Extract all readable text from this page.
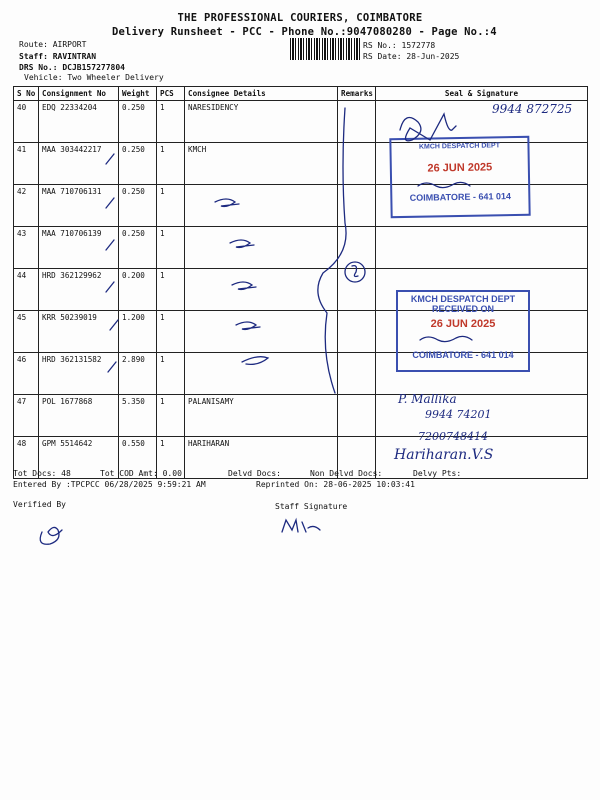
THE PROFESSIONAL COURIERS, COIMBATORE
Delivery Runsheet - PCC - Phone No.:9047080280 - Page No.:4
Route: AIRPORT
Staff: RAVINTRAN
DRS No.: DCJB157277804
Vehicle: Two Wheeler Delivery
RS No.: 1572778
RS Date: 28-Jun-2025
S No	Consignment No	Weight	PCS	Consignee Details	Remarks	Seal & Signature
40	EDQ 22334204	0.250	1	NARESIDENCY		
41	MAA 303442217	0.250	1	KMCH		
42	MAA 710706131	0.250	1			
43	MAA 710706139	0.250	1			
44	HRD 362129962	0.200	1			
45	KRR 50239019	1.200	1			
46	HRD 362131582	2.890	1			
47	POL 1677868	5.350	1	PALANISAMY		
48	GPM 5514642	0.550	1	HARIHARAN		
KMCH DESPATCH DEPT
26 JUN 2025
COIMBATORE - 641 014
KMCH DESPATCH DEPT
RECEIVED ON
26 JUN 2025
COIMBATORE - 641 014
9944 872725
P. Mallika
9944 74201
7200748414
Hariharan.V.S
Tot Docs: 48	Tot COD Amt: 0.00	Delvd Docs:	Non Delvd Docs:	Delvy Pts:
Entered By :TPCPCC 06/28/2025 9:59:21 AM	Reprinted On: 28-06-2025 10:03:41
Verified By	Staff Signature
